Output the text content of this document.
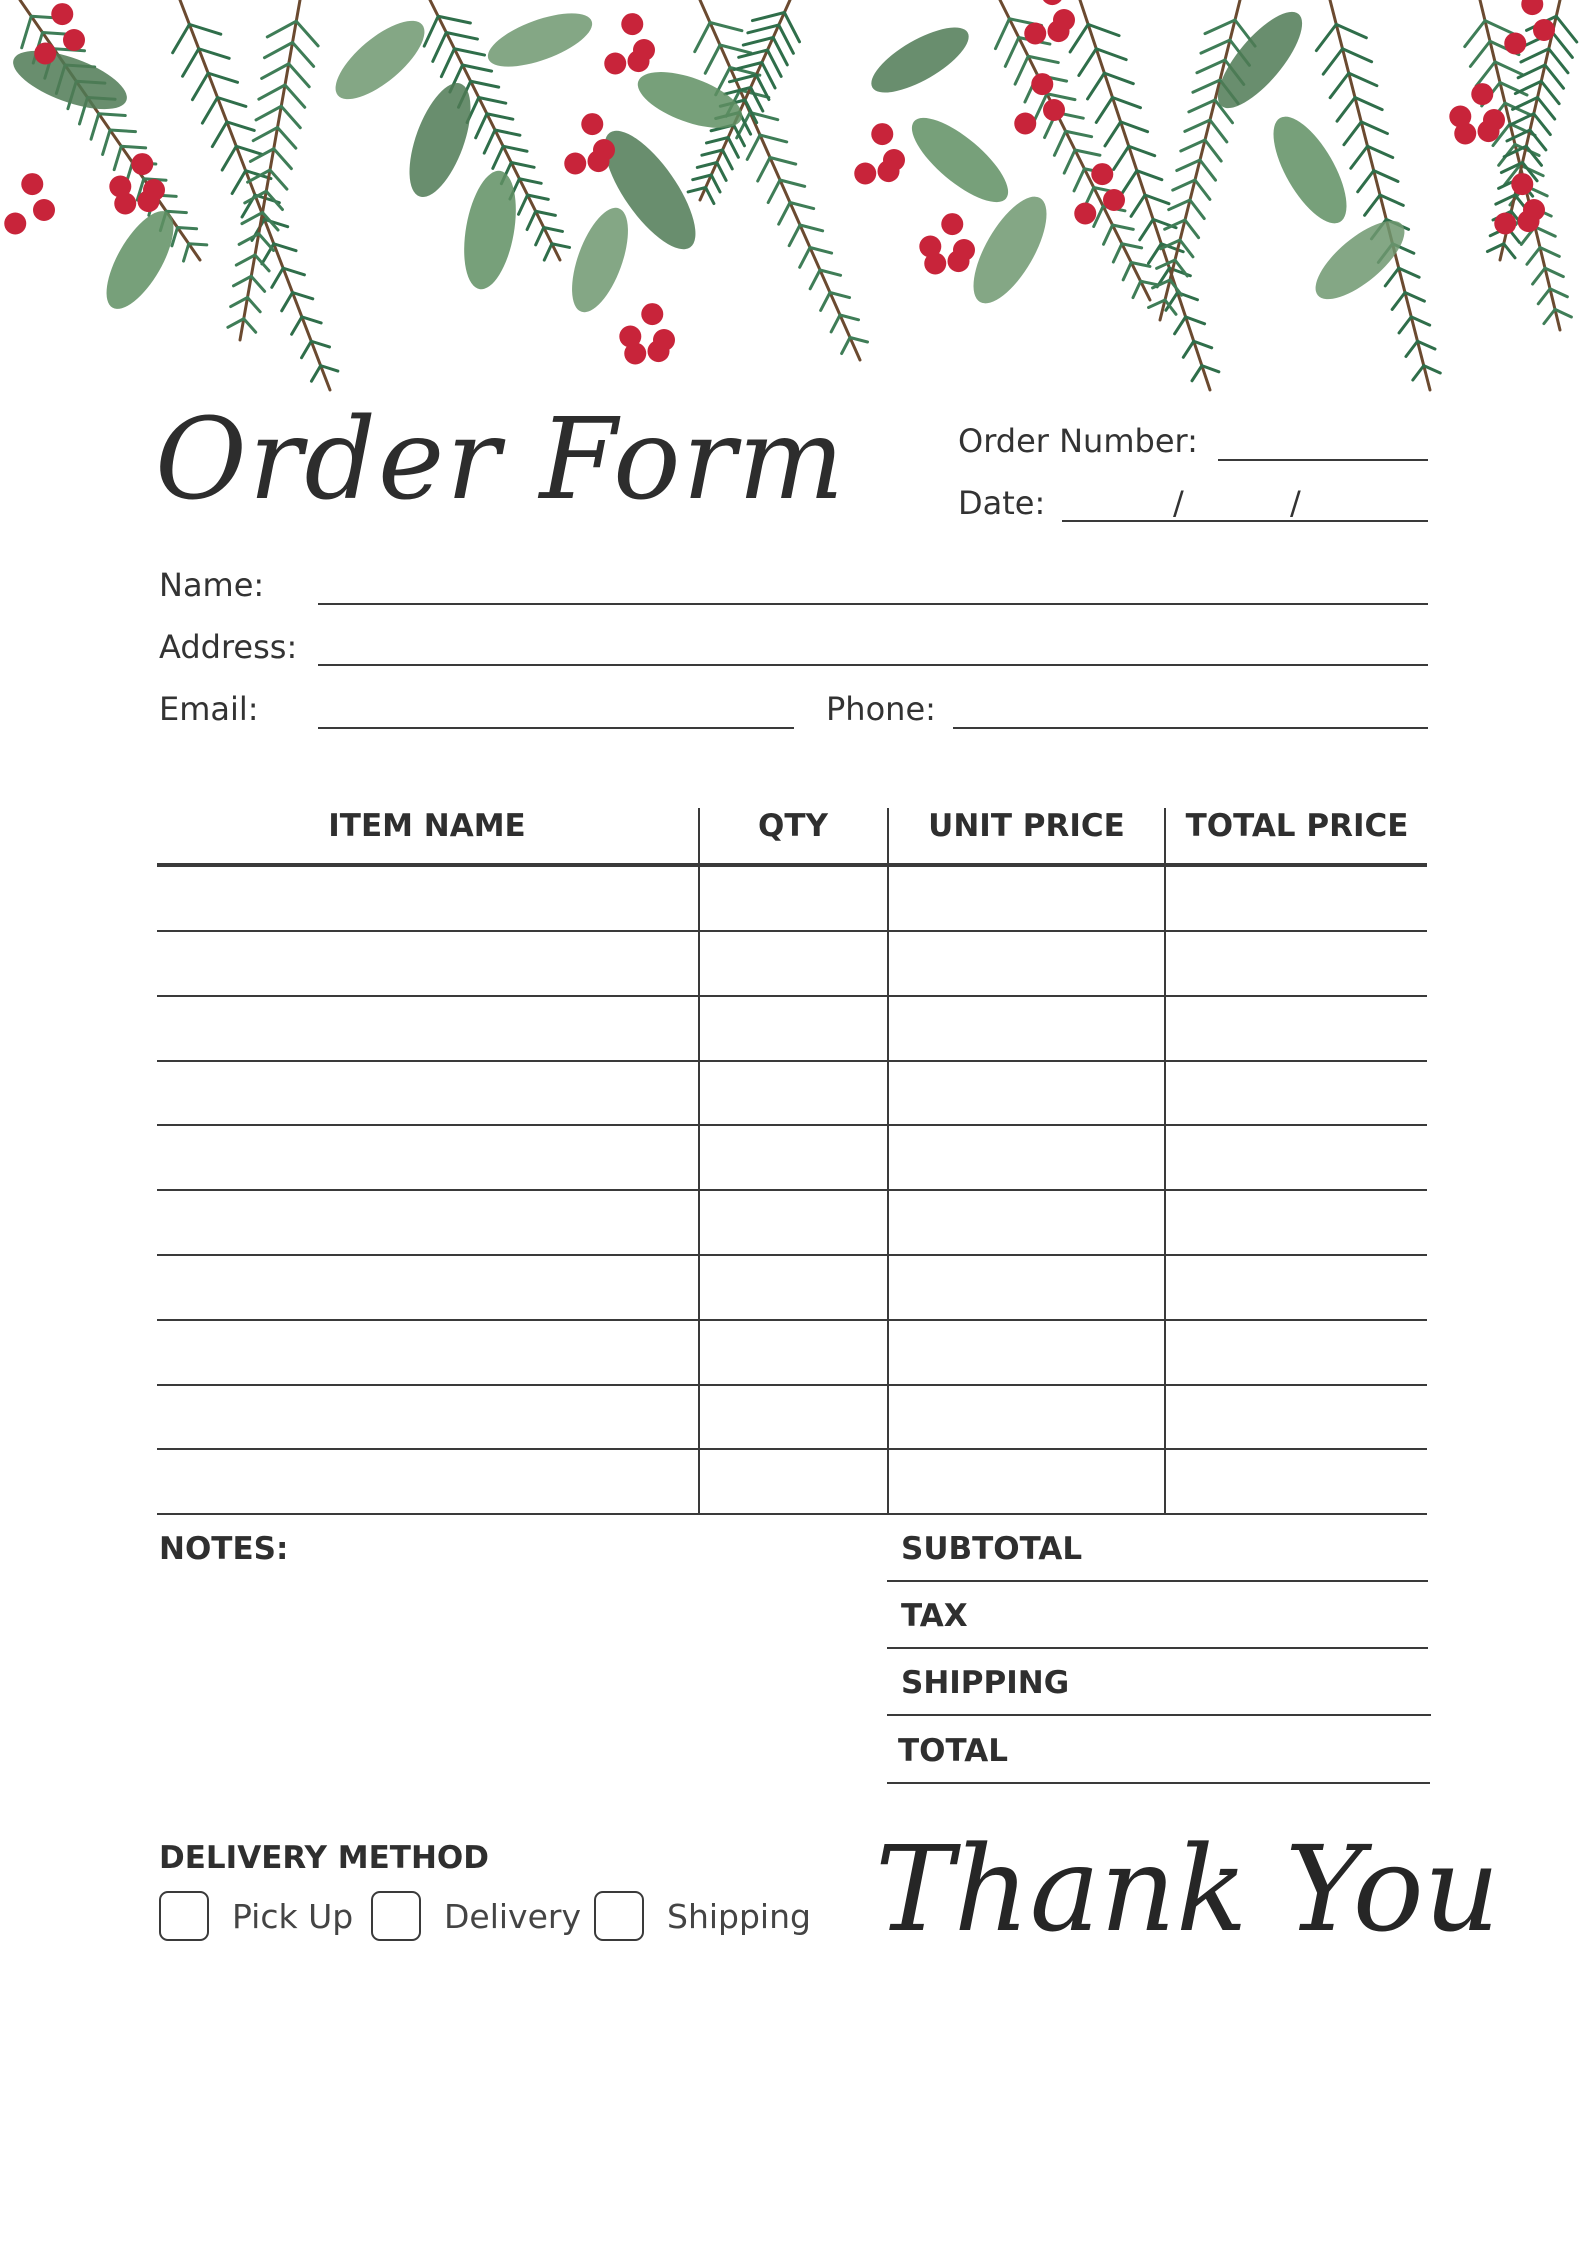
Order Form	Order Number:
Date:	/	/
Name:
Address:
Email:	Phone:
ITEM NAME	QTY	UNIT PRICE	TOTAL PRICE
NOTES:	SUBTOTAL
TAX
SHIPPING
TOTAL
DELIVERY METHOD
Pick Up	Delivery	Shipping Thank You
